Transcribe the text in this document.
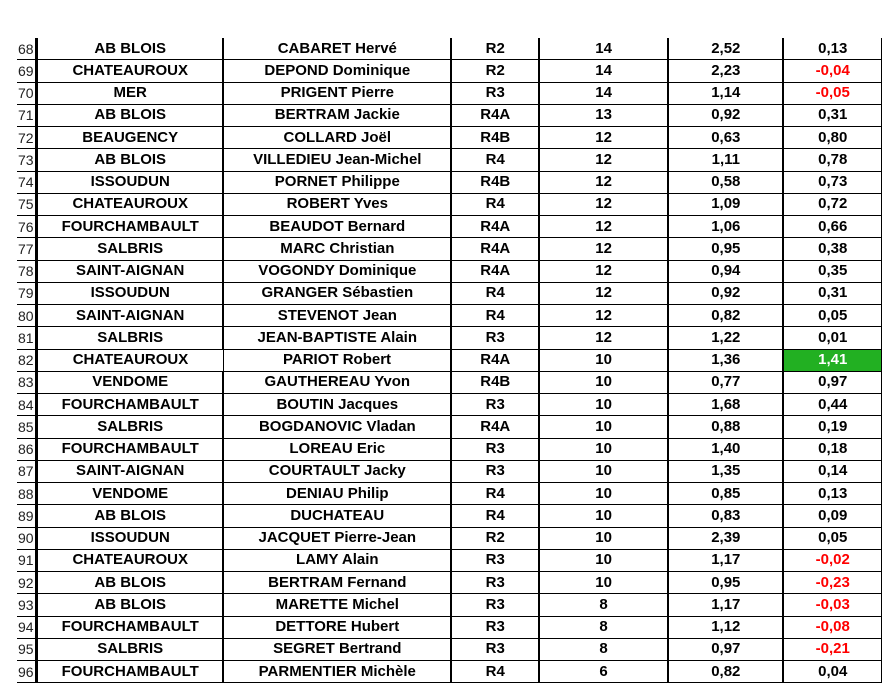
68	AB BLOIS	CABARET Hervé	R2	14	2,52	0,13
69	CHATEAUROUX	DEPOND Dominique	R2	14	2,23	-0,04
70	MER	PRIGENT Pierre	R3	14	1,14	-0,05
71	AB BLOIS	BERTRAM Jackie	R4A	13	0,92	0,31
72	BEAUGENCY	COLLARD Joël	R4B	12	0,63	0,80
73	AB BLOIS	VILLEDIEU Jean-Michel	R4	12	1,11	0,78
74	ISSOUDUN	PORNET Philippe	R4B	12	0,58	0,73
75	CHATEAUROUX	ROBERT Yves	R4	12	1,09	0,72
76	FOURCHAMBAULT	BEAUDOT Bernard	R4A	12	1,06	0,66
77	SALBRIS	MARC Christian	R4A	12	0,95	0,38
78	SAINT-AIGNAN	VOGONDY Dominique	R4A	12	0,94	0,35
79	ISSOUDUN	GRANGER Sébastien	R4	12	0,92	0,31
80	SAINT-AIGNAN	STEVENOT Jean	R4	12	0,82	0,05
81	SALBRIS	JEAN-BAPTISTE Alain	R3	12	1,22	0,01
82	CHATEAUROUX	PARIOT Robert	R4A	10	1,36	1,41
83	VENDOME	GAUTHEREAU Yvon	R4B	10	0,77	0,97
84	FOURCHAMBAULT	BOUTIN Jacques	R3	10	1,68	0,44
85	SALBRIS	BOGDANOVIC Vladan	R4A	10	0,88	0,19
86	FOURCHAMBAULT	LOREAU Eric	R3	10	1,40	0,18
87	SAINT-AIGNAN	COURTAULT Jacky	R3	10	1,35	0,14
88	VENDOME	DENIAU Philip	R4	10	0,85	0,13
89	AB BLOIS	DUCHATEAU	R4	10	0,83	0,09
90	ISSOUDUN	JACQUET Pierre-Jean	R2	10	2,39	0,05
91	CHATEAUROUX	LAMY Alain	R3	10	1,17	-0,02
92	AB BLOIS	BERTRAM Fernand	R3	10	0,95	-0,23
93	AB BLOIS	MARETTE Michel	R3	8	1,17	-0,03
94	FOURCHAMBAULT	DETTORE Hubert	R3	8	1,12	-0,08
95	SALBRIS	SEGRET Bertrand	R3	8	0,97	-0,21
96	FOURCHAMBAULT	PARMENTIER Michèle	R4	6	0,82	0,04
